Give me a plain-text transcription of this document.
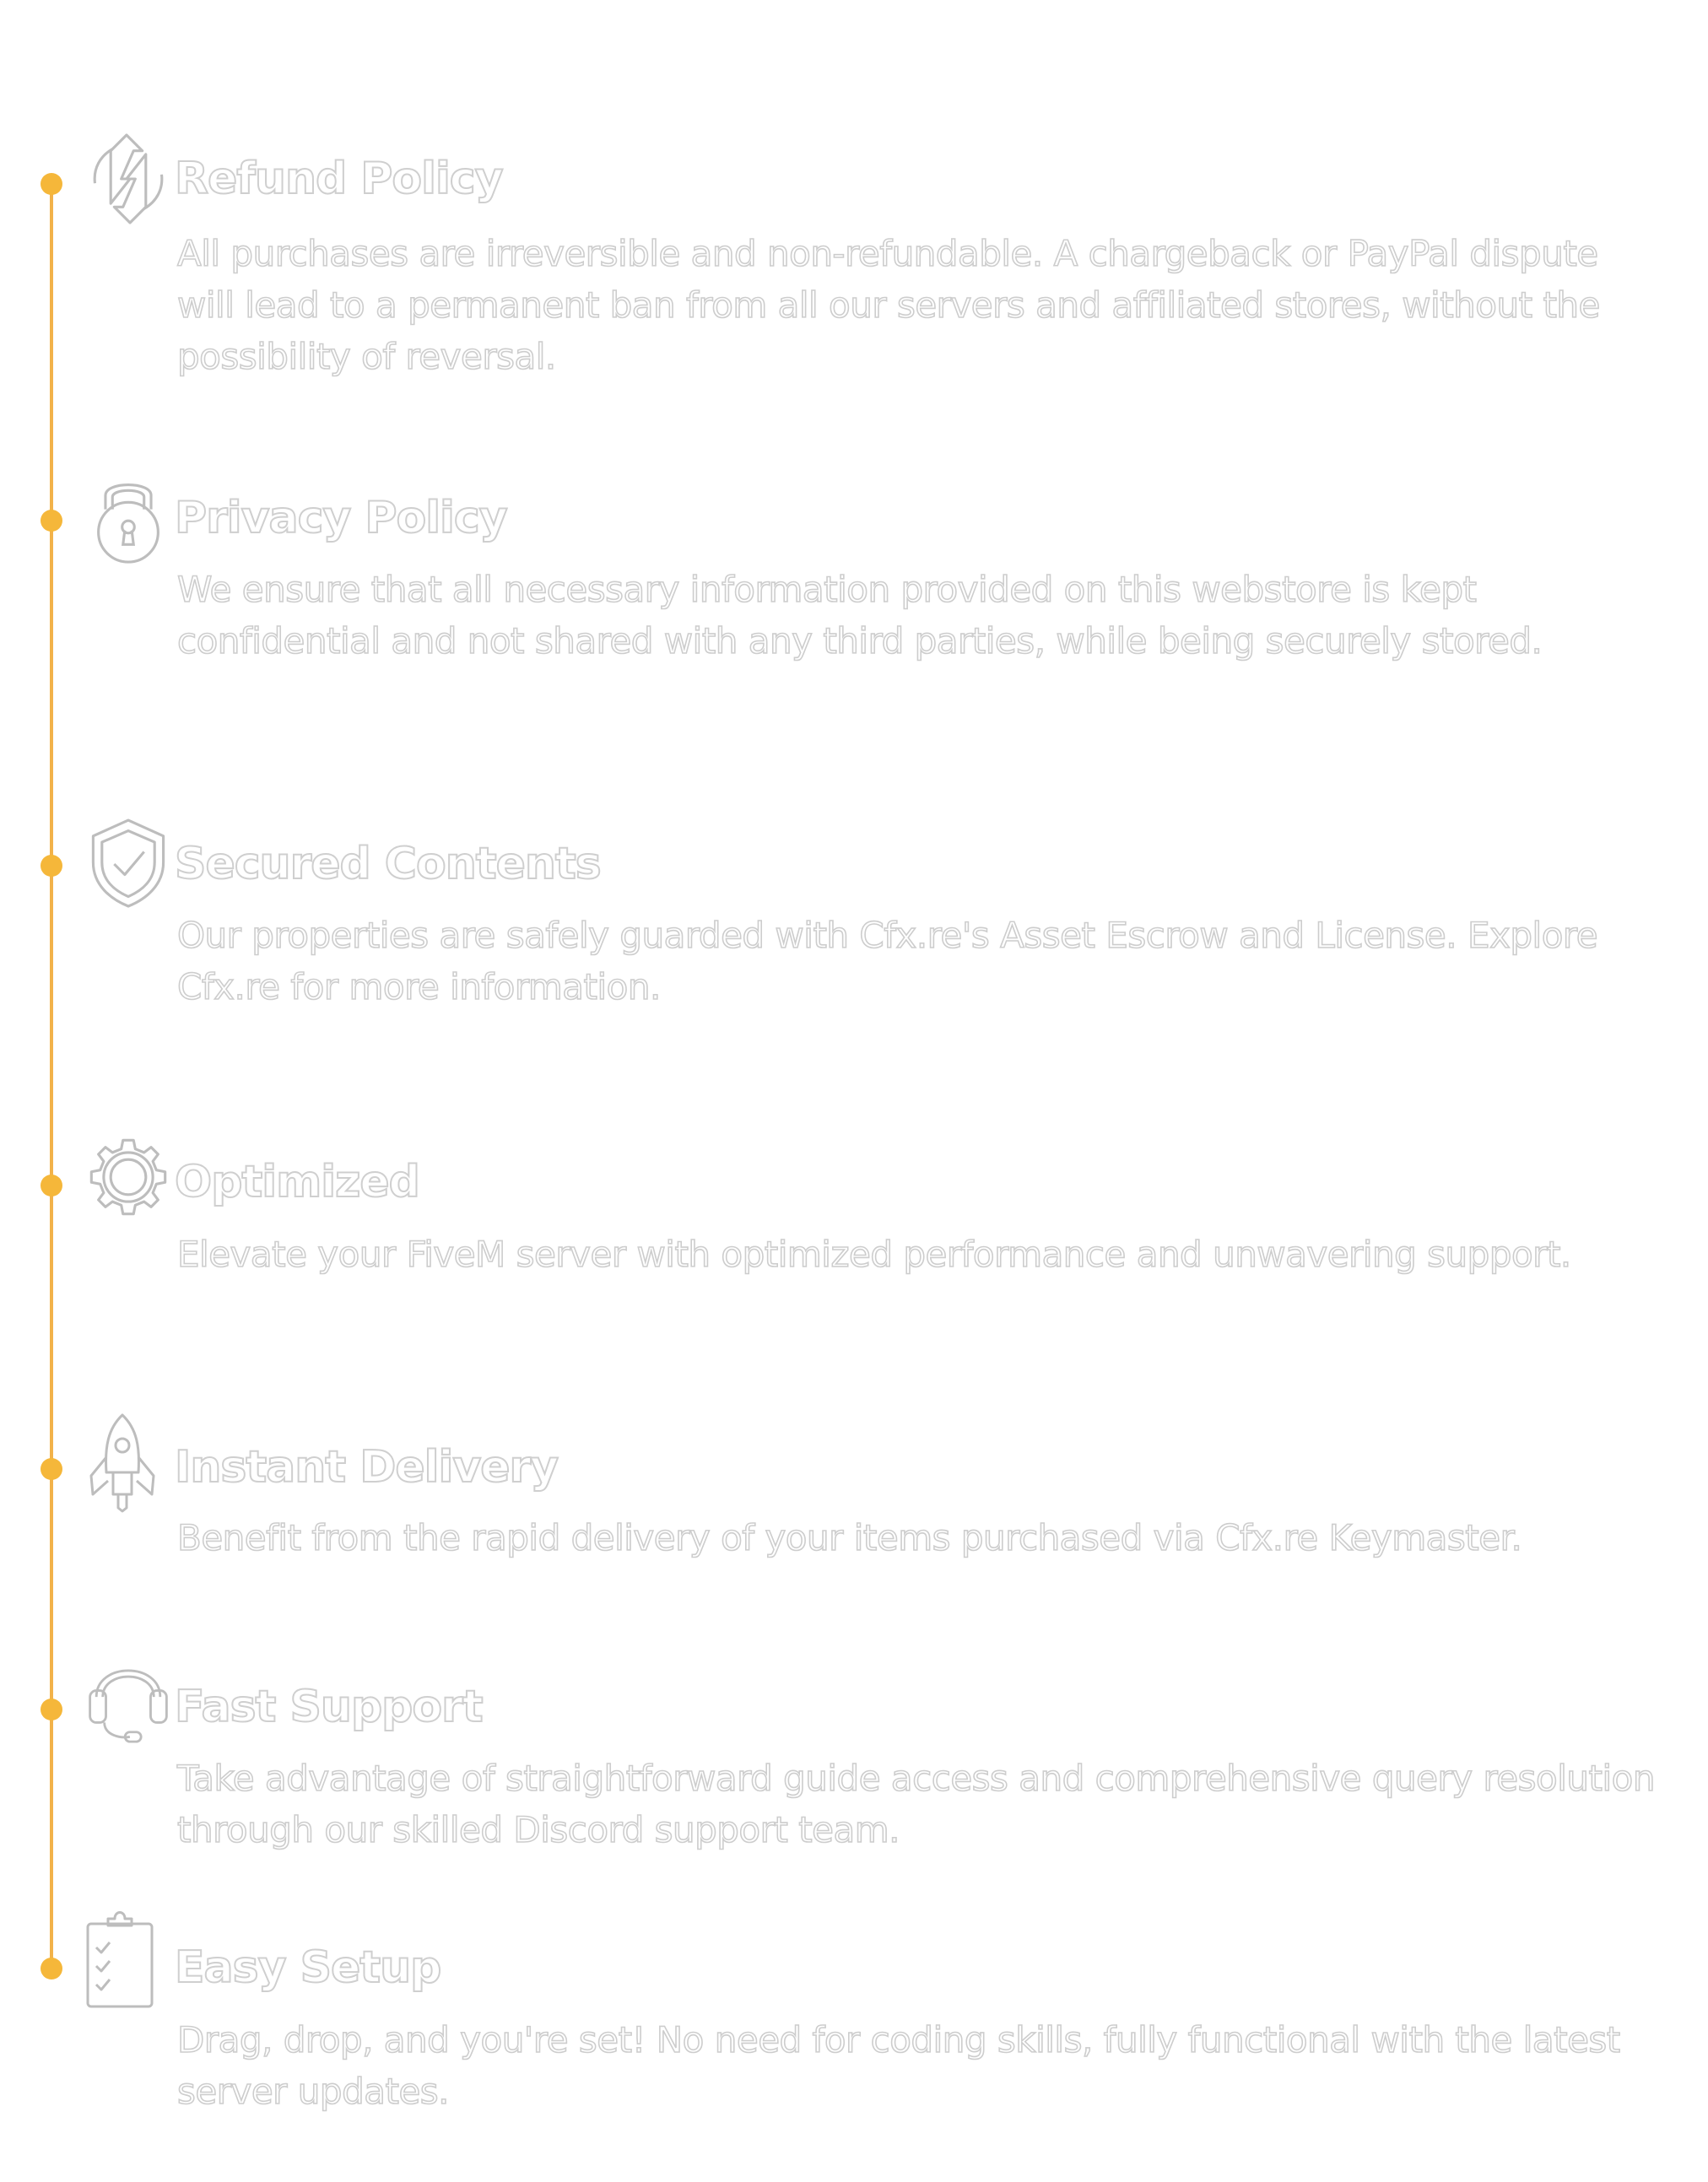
Refund Policy
All purchases are irreversible and non-refundable. A chargeback or PayPal dispute will lead to a permanent ban from all our servers and affiliated stores, without the possibility of reversal.
Privacy Policy
We ensure that all necessary information provided on this webstore is kept confidential and not shared with any third parties, while being securely stored.
Secured Contents
Our properties are safely guarded with Cfx.re's Asset Escrow and License. Explore Cfx.re for more information.
Optimized
Elevate your FiveM server with optimized performance and unwavering support.
Instant Delivery
Benefit from the rapid delivery of your items purchased via Cfx.re Keymaster.
Fast Support
Take advantage of straightforward guide access and comprehensive query resolution through our skilled Discord support team.
Easy Setup
Drag, drop, and you're set! No need for coding skills, fully functional with the latest server updates.
